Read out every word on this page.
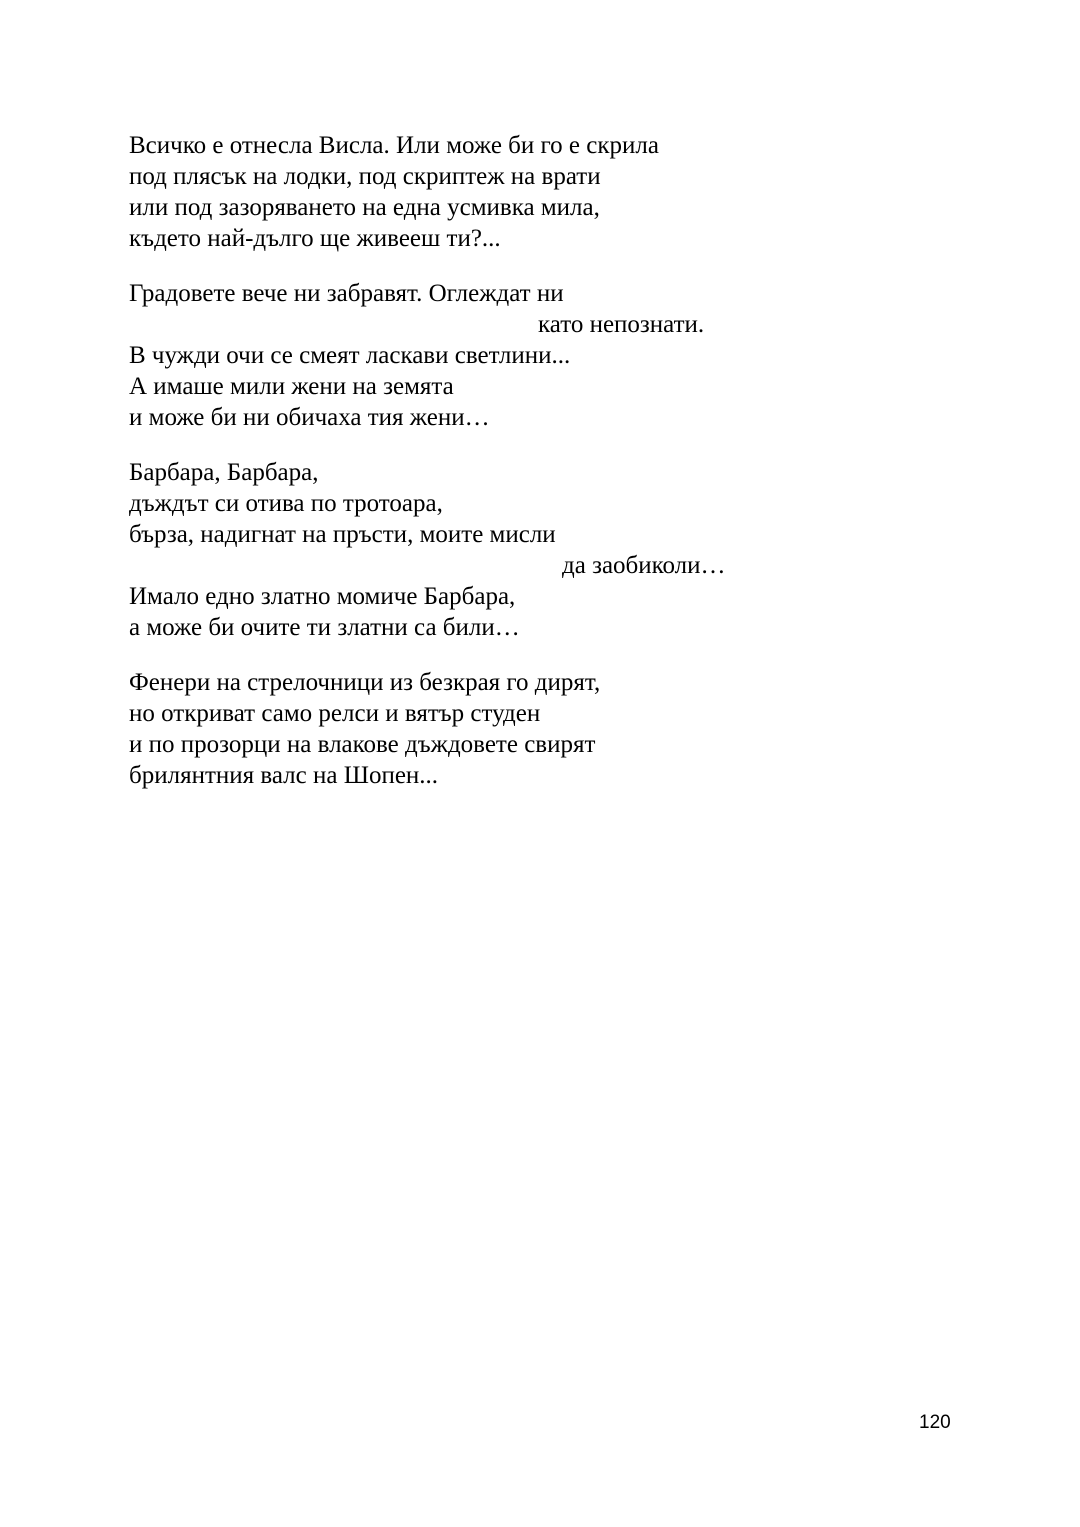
Всичко е отнесла Висла. Или може би го е скрила
под плясък на лодки, под скриптеж на врати
или под зазоряването на една усмивка мила,
където най-дълго ще живееш ти?...
Градовете вече ни забравят. Оглеждат ни
като непознати.
В чужди очи се смеят ласкави светлини...
А имаше мили жени на земята
и може би ни обичаха тия жени…
Барбара, Барбара,
дъждът си отива по тротоара,
бърза, надигнат на пръсти, моите мисли
да заобиколи…
Имало едно златно момиче Барбара,
а може би очите ти златни са били…
Фенери на стрелочници из безкрая го дирят,
но откриват само релси и вятър студен
и по прозорци на влакове дъждовете свирят
брилянтния валс на Шопен...
120
